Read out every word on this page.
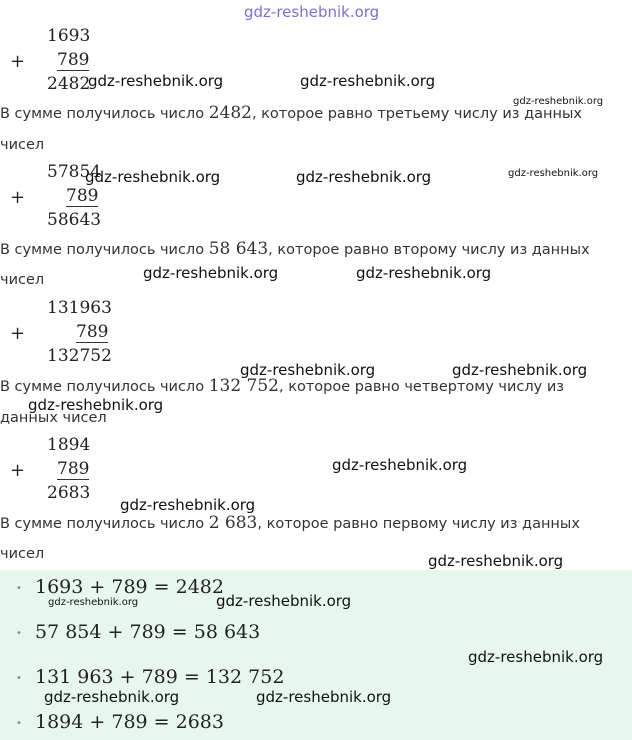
gdz-reshebnik.org
1693
+ 789
2482
В сумме получилось число 2482, которое равно третьему числу из данных
чисел
57854
+ 789
58643
В сумме получилось число 58 643, которое равно второму числу из данных
чисел
131963
+	789
132752
В сумме получилось число 132 752, которое равно четвертому числу из
данных чисел
1894
+ 789
2683
В сумме получилось число 2 683, которое равно первому числу из данных
чисел
• 1693 + 789 = 2482
• 57 854 + 789 = 58 643
• 131 963 + 789 = 132 752
• 1894 + 789 = 2683
gdz-reshebnik.org	gdz-reshebnik.org
gdz-reshebnik.org
gdz-reshebnik.org	gdz-reshebnik.org	gdz-reshebnik.org
gdz-reshebnik.org	gdz-reshebnik.org
gdz-reshebnik.org	gdz-reshebnik.org
gdz-reshebnik.org
gdz-reshebnik.org
gdz-reshebnik.org
gdz-reshebnik.org
gdz-reshebnik.org	gdz-reshebnik.org
gdz-reshebnik.org
gdz-reshebnik.org	gdz-reshebnik.org
